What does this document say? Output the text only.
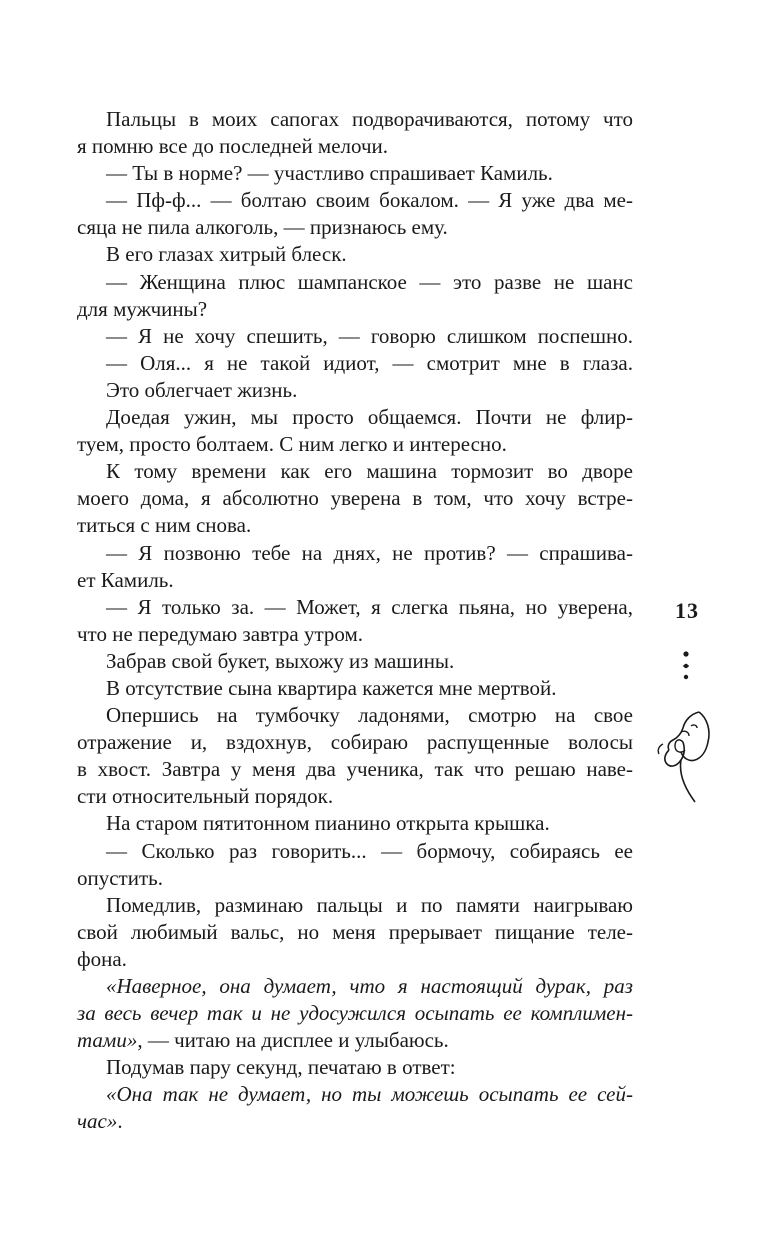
Пальцы в моих сапогах подворачиваются, потому что
я помню все до последней мелочи.
— Ты в норме? — участливо спрашивает Камиль.
— Пф-ф... — болтаю своим бокалом. — Я уже два ме-
сяца не пила алкоголь, — признаюсь ему.
В его глазах хитрый блеск.
— Женщина плюс шампанское — это разве не шанс
для мужчины?
— Я не хочу спешить, — говорю слишком поспешно.
— Оля... я не такой идиот, — смотрит мне в глаза.
Это облегчает жизнь.
Доедая ужин, мы просто общаемся. Почти не флир-
туем, просто болтаем. С ним легко и интересно.
К тому времени как его машина тормозит во дворе
моего дома, я абсолютно уверена в том, что хочу встре-
титься с ним снова.
— Я позвоню тебе на днях, не против? — спрашива-
ет Камиль.
— Я только за. — Может, я слегка пьяна, но уверена,
что не передумаю завтра утром.
Забрав свой букет, выхожу из машины.
В отсутствие сына квартира кажется мне мертвой.
Опершись на тумбочку ладонями, смотрю на свое
отражение и, вздохнув, собираю распущенные волосы
в хвост. Завтра у меня два ученика, так что решаю наве-
сти относительный порядок.
На старом пятитонном пианино открыта крышка.
— Сколько раз говорить... — бормочу, собираясь ее
опустить.
Помедлив, разминаю пальцы и по памяти наигрываю
свой любимый вальс, но меня прерывает пищание теле-
фона.
«Наверное, она думает, что я настоящий дурак, раз
за весь вечер так и не удосужился осыпать ее комплимен-
тами», — читаю на дисплее и улыбаюсь.
Подумав пару секунд, печатаю в ответ:
«Она так не думает, но ты можешь осыпать ее сей-
час».
13
